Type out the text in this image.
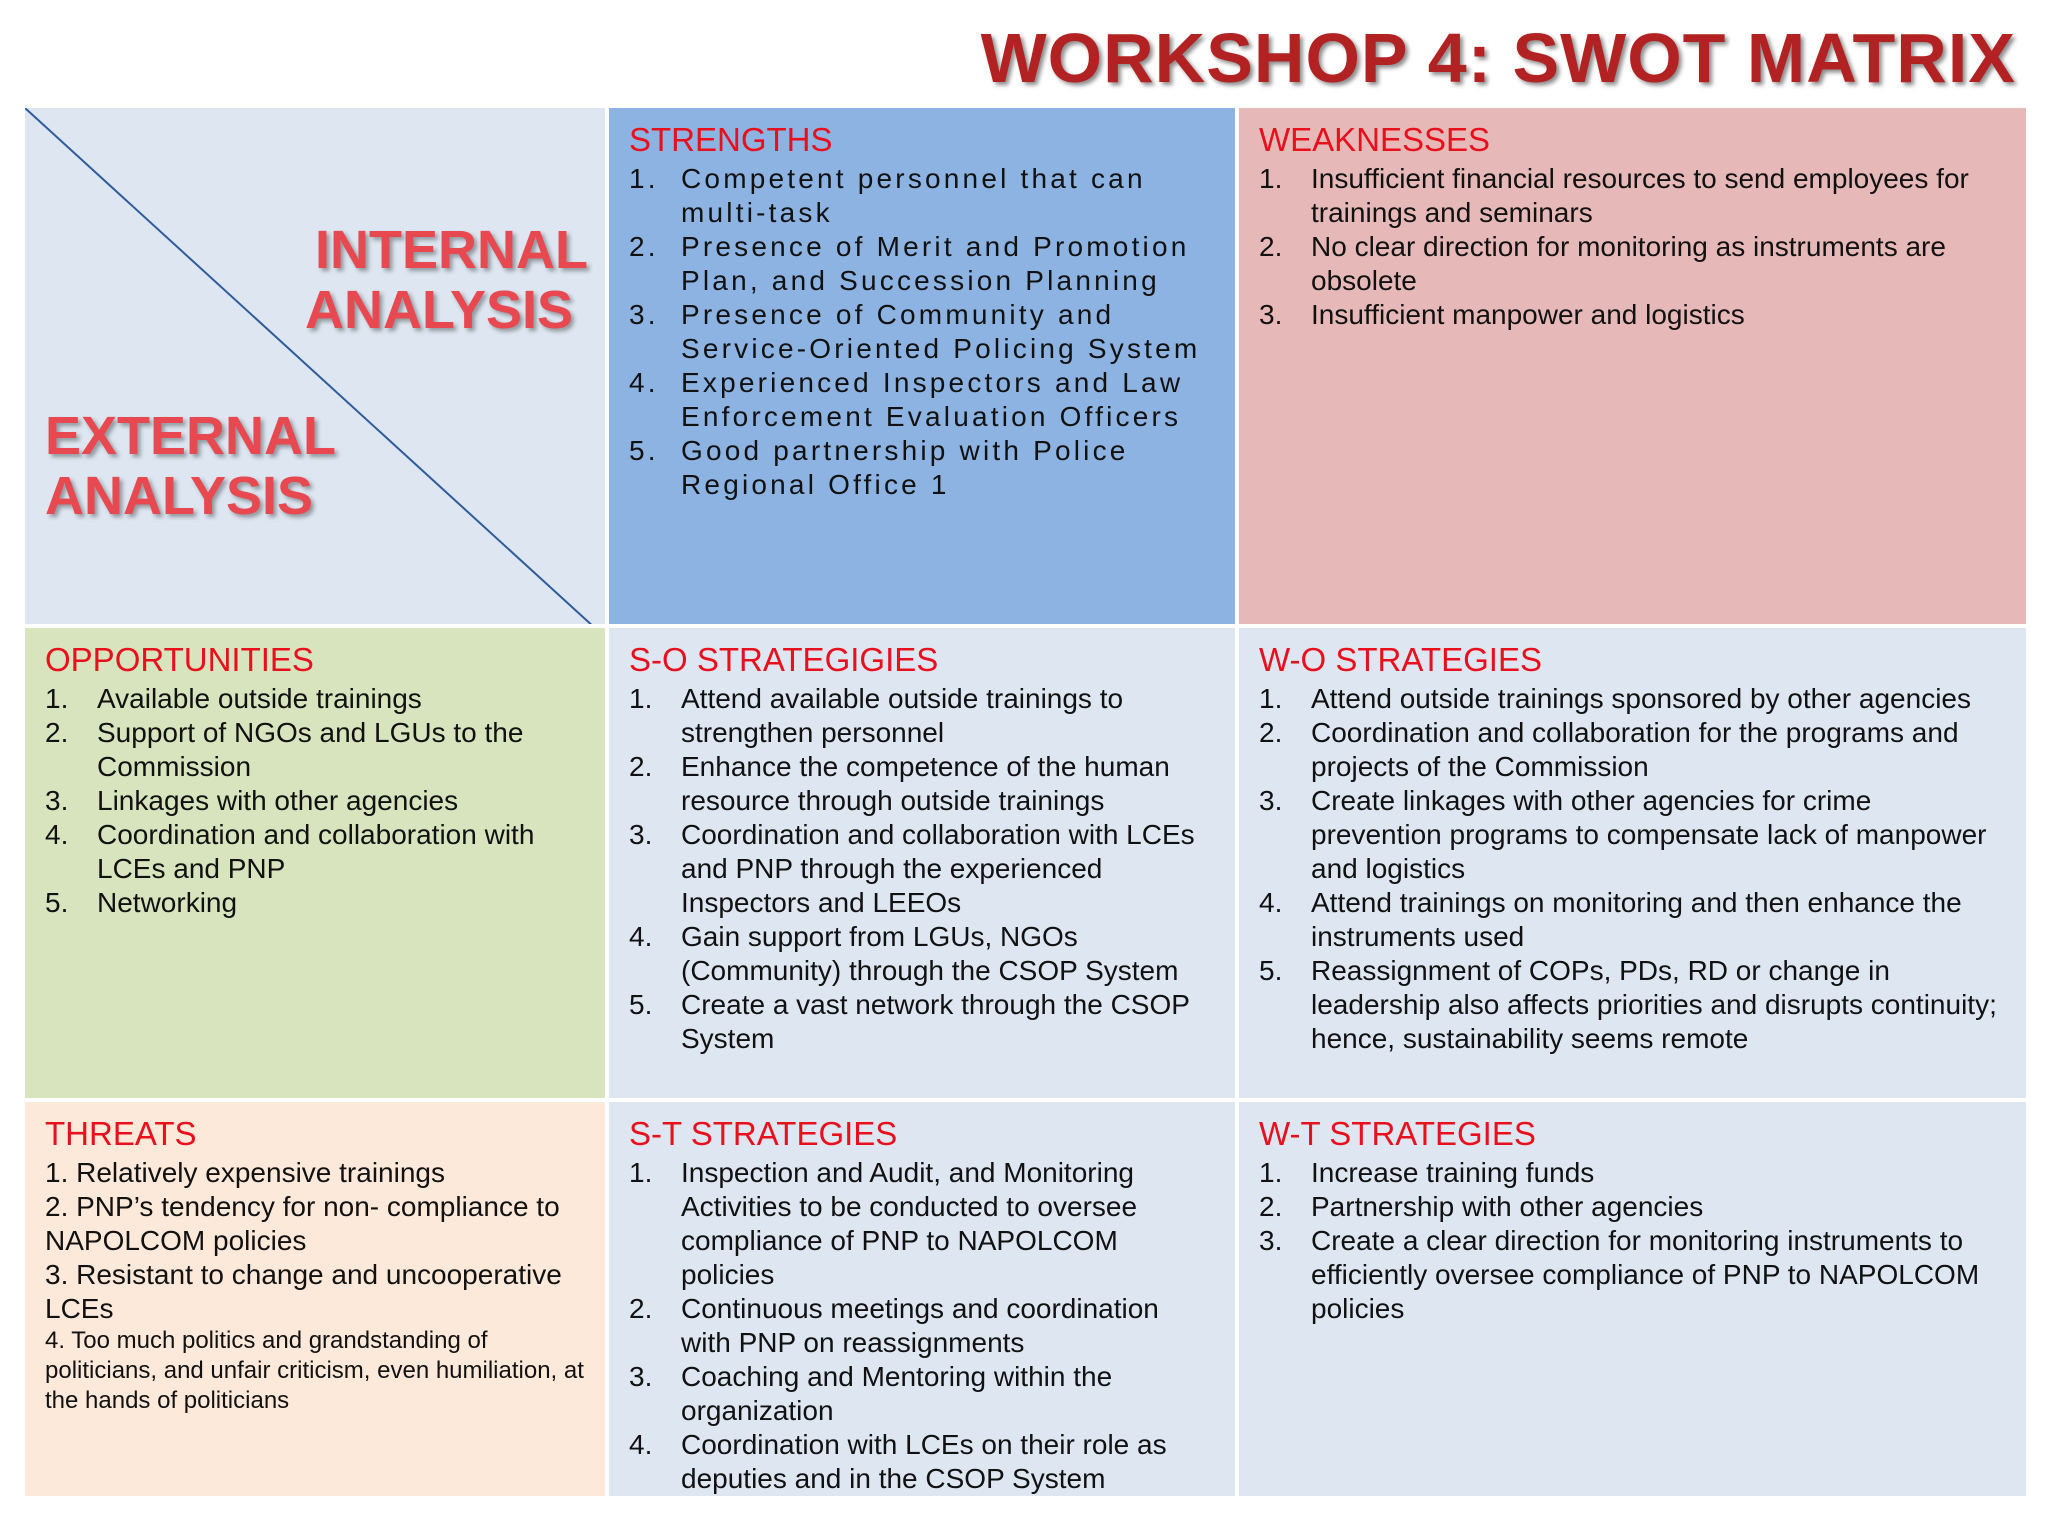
WORKSHOP 4: SWOT MATRIX
INTERNAL
ANALYSIS
EXTERNAL
ANALYSIS
STRENGTHS
1. Competent personnel that can multi-task
2. Presence of Merit and Promotion Plan, and Succession Planning
3. Presence of Community and Service-Oriented Policing System
4. Experienced Inspectors and Law Enforcement Evaluation Officers
5. Good partnership with Police Regional Office 1
WEAKNESSES
1. Insufficient financial resources to send employees for trainings and seminars
2. No clear direction for monitoring as instruments are obsolete
3. Insufficient manpower and logistics
OPPORTUNITIES
1. Available outside trainings
2. Support of NGOs and LGUs to the Commission
3. Linkages with other agencies
4. Coordination and collaboration with LCEs and PNP
5. Networking
S-O STRATEGIGIES
1. Attend available outside trainings to strengthen personnel
2. Enhance the competence of the human resource through outside trainings
3. Coordination and collaboration with LCEs and PNP through the experienced Inspectors and LEEOs
4. Gain support from LGUs, NGOs (Community) through the CSOP System
5. Create a vast network through the CSOP System
W-O STRATEGIES
1. Attend outside trainings sponsored by other agencies
2. Coordination and collaboration for the programs and projects of the Commission
3. Create linkages with other agencies for crime prevention programs to compensate lack of manpower and logistics
4. Attend trainings on monitoring and then enhance the instruments used
5. Reassignment of COPs, PDs, RD or change in leadership also affects priorities and disrupts continuity; hence, sustainability seems remote
THREATS
1. Relatively expensive trainings
2. PNP’s tendency for non- compliance to NAPOLCOM policies
3. Resistant to change and uncooperative LCEs
4. Too much politics and grandstanding of politicians, and unfair criticism, even humiliation, at the hands of politicians
S-T STRATEGIES
1. Inspection and Audit, and Monitoring Activities to be conducted to oversee compliance of PNP to NAPOLCOM policies
2. Continuous meetings and coordination with PNP on reassignments
3. Coaching and Mentoring within the organization
4. Coordination with LCEs on their role as deputies and in the CSOP System
W-T STRATEGIES
1. Increase training funds
2. Partnership with other agencies
3. Create a clear direction for monitoring instruments to efficiently oversee compliance of PNP to NAPOLCOM policies
